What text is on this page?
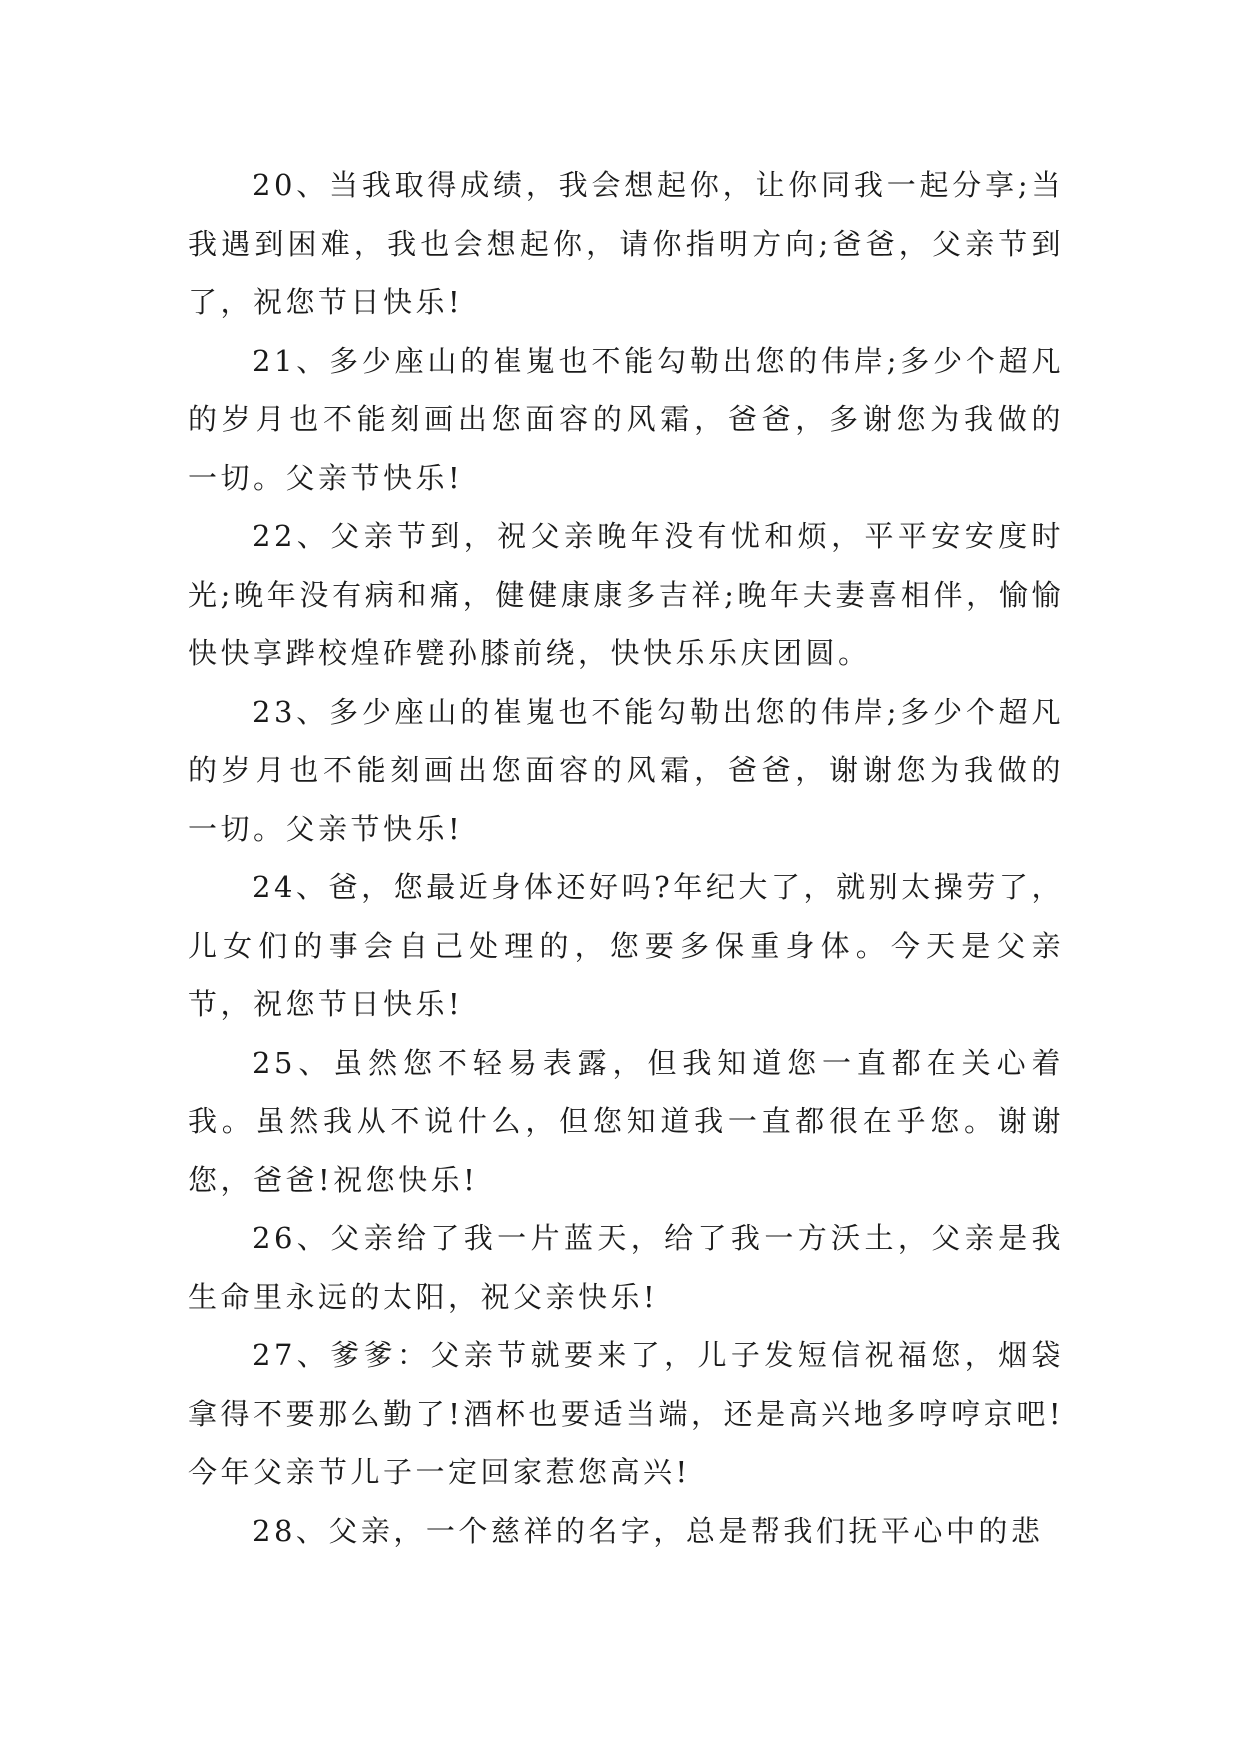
20、当我取得成绩，我会想起你，让你同我一起分享;当我遇到困难，我也会想起你，请你指明方向;爸爸，父亲节到了，祝您节日快乐!

21、多少座山的崔嵬也不能勾勒出您的伟岸;多少个超凡的岁月也不能刻画出您面容的风霜，爸爸，多谢您为我做的一切。父亲节快乐!

22、父亲节到，祝父亲晚年没有忧和烦，平平安安度时光;晚年没有病和痛，健健康康多吉祥;晚年夫妻喜相伴，愉愉快快享跸校煌砟甓孙膝前绕，快快乐乐庆团圆。

23、多少座山的崔嵬也不能勾勒出您的伟岸;多少个超凡的岁月也不能刻画出您面容的风霜，爸爸，谢谢您为我做的一切。父亲节快乐!

24、爸，您最近身体还好吗?年纪大了，就别太操劳了，儿女们的事会自己处理的，您要多保重身体。今天是父亲节，祝您节日快乐!

25、虽然您不轻易表露，但我知道您一直都在关心着我。虽然我从不说什么，但您知道我一直都很在乎您。谢谢您，爸爸!祝您快乐!

26、父亲给了我一片蓝天，给了我一方沃土，父亲是我生命里永远的太阳，祝父亲快乐!

27、爹爹：父亲节就要来了，儿子发短信祝福您，烟袋拿得不要那么勤了!酒杯也要适当端，还是高兴地多哼哼京吧!今年父亲节儿子一定回家惹您高兴!

28、父亲，一个慈祥的名字，总是帮我们抚平心中的悲
